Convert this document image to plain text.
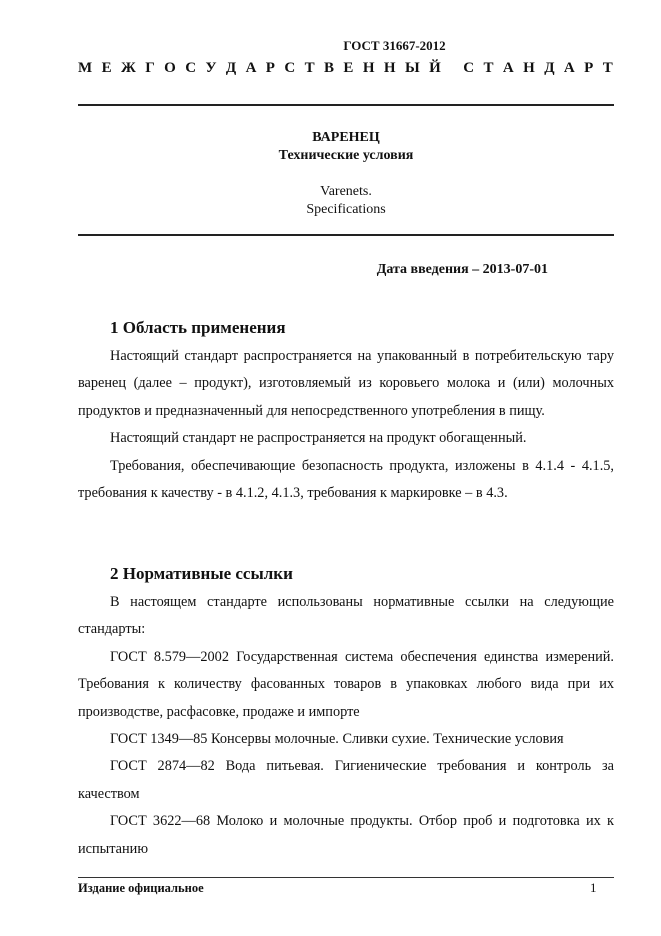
ГОСТ 31667-2012
М Е Ж Г О С У Д А Р С Т В Е Н Н Ы Й
С Т А Н Д А Р Т
ВАРЕНЕЦ
Технические условия
Varenets.
Specifications
Дата введения – 2013-07-01
1 Область применения

Настоящий стандарт распространяется на упакованный в потребительскую тару варенец (далее – продукт), изготовляемый из коровьего молока и (или) молочных продуктов и предназначенный для непосредственного употребления в пищу.

Настоящий стандарт не распространяется на продукт обогащенный.

Требования, обеспечивающие безопасность продукта, изложены в 4.1.4 - 4.1.5, требования к качеству - в 4.1.2, 4.1.3, требования к маркировке – в 4.3.

2 Нормативные ссылки

В настоящем стандарте использованы нормативные ссылки на следующие стандарты:

ГОСТ 8.579—2002 Государственная система обеспечения единства измерений. Требования к количеству фасованных товаров в упаковках любого вида при их производстве, расфасовке, продаже и импорте

ГОСТ 1349—85 Консервы молочные. Сливки сухие. Технические условия

ГОСТ 2874—82 Вода питьевая. Гигиенические требования и контроль за качеством

ГОСТ 3622—68 Молоко и молочные продукты. Отбор проб и подготовка их к испытанию

Издание официальное	1
